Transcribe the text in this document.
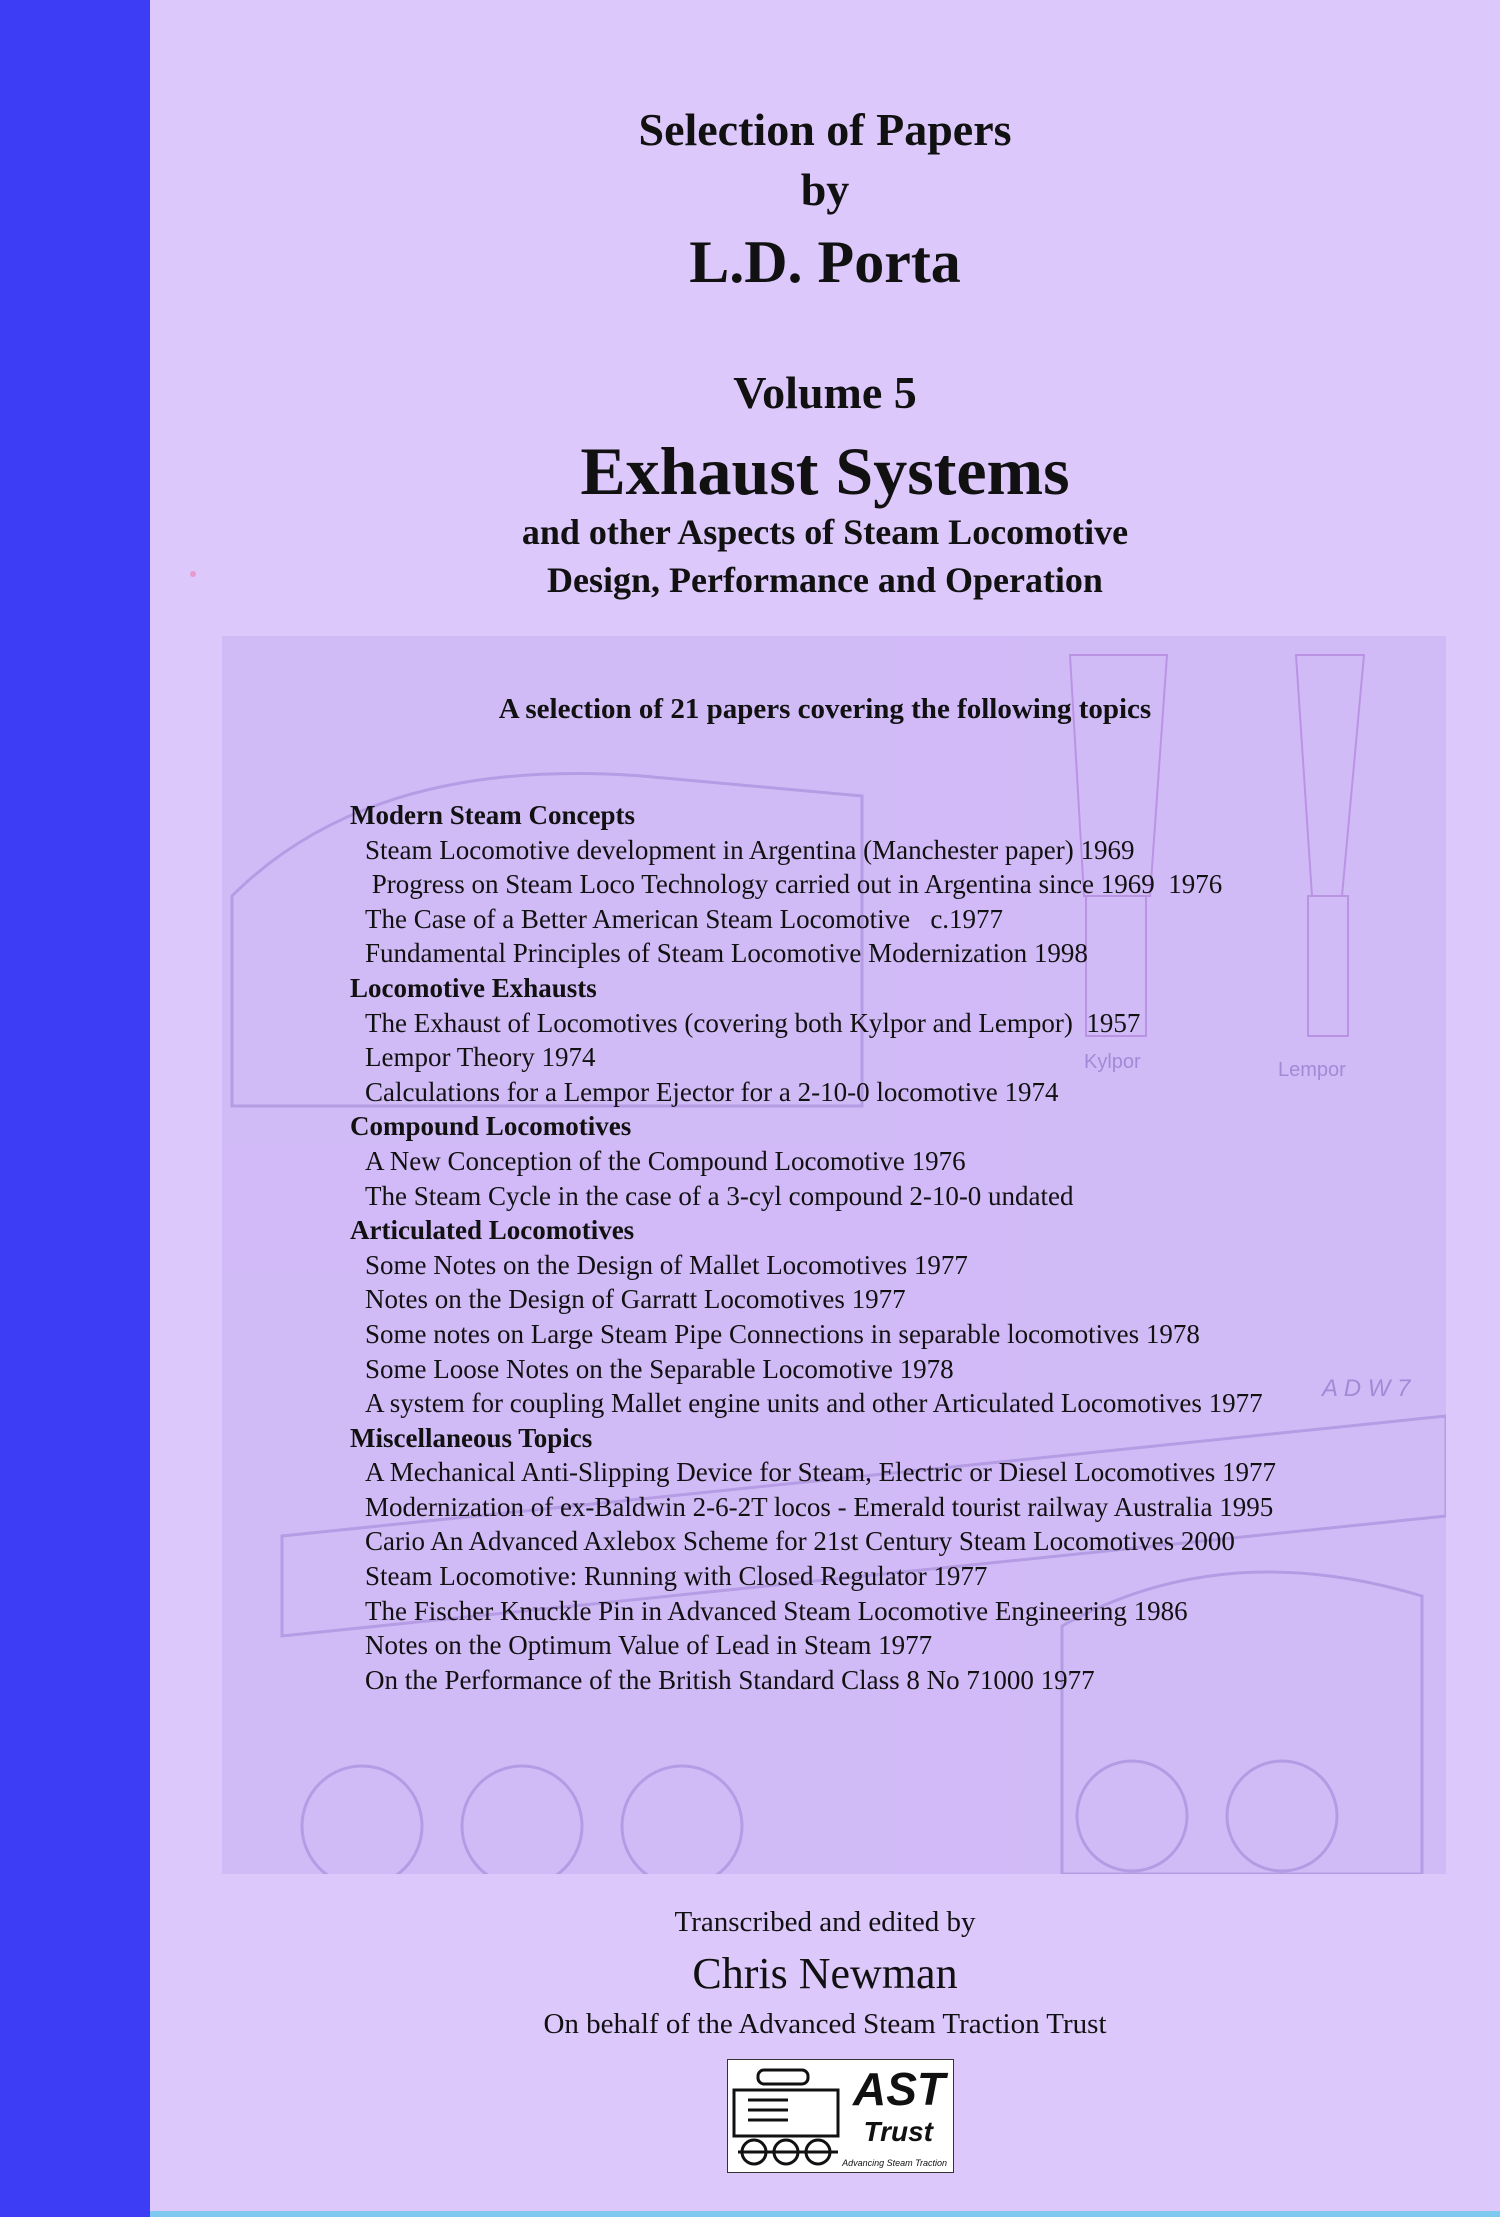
Kylpor	Lempor
A D W 7
Selection of Papers
by
L.D. Porta
Volume 5
Exhaust Systems
and other Aspects of Steam Locomotive
Design, Performance and Operation
A selection of 21 papers covering the following topics
Modern Steam Concepts
Steam Locomotive development in Argentina (Manchester paper) 1969
Progress on Steam Loco Technology carried out in Argentina since 1969  1976
The Case of a Better American Steam Locomotive   c.1977
Fundamental Principles of Steam Locomotive Modernization 1998
Locomotive Exhausts
The Exhaust of Locomotives (covering both Kylpor and Lempor)  1957
Lempor Theory 1974
Calculations for a Lempor Ejector for a 2-10-0 locomotive 1974
Compound Locomotives
A New Conception of the Compound Locomotive 1976
The Steam Cycle in the case of a 3-cyl compound 2-10-0 undated
Articulated Locomotives
Some Notes on the Design of Mallet Locomotives 1977
Notes on the Design of Garratt Locomotives 1977
Some notes on Large Steam Pipe Connections in separable locomotives 1978
Some Loose Notes on the Separable Locomotive 1978
A system for coupling Mallet engine units and other Articulated Locomotives 1977
Miscellaneous Topics
A Mechanical Anti-Slipping Device for Steam, Electric or Diesel Locomotives 1977
Modernization of ex-Baldwin 2-6-2T locos - Emerald tourist railway Australia 1995
Cario An Advanced Axlebox Scheme for 21st Century Steam Locomotives 2000
Steam Locomotive: Running with Closed Regulator 1977
The Fischer Knuckle Pin in Advanced Steam Locomotive Engineering 1986
Notes on the Optimum Value of Lead in Steam 1977
On the Performance of the British Standard Class 8 No 71000 1977
Transcribed and edited by
Chris Newman
On behalf of the Advanced Steam Traction Trust
AST
Trust
Advancing Steam Traction
